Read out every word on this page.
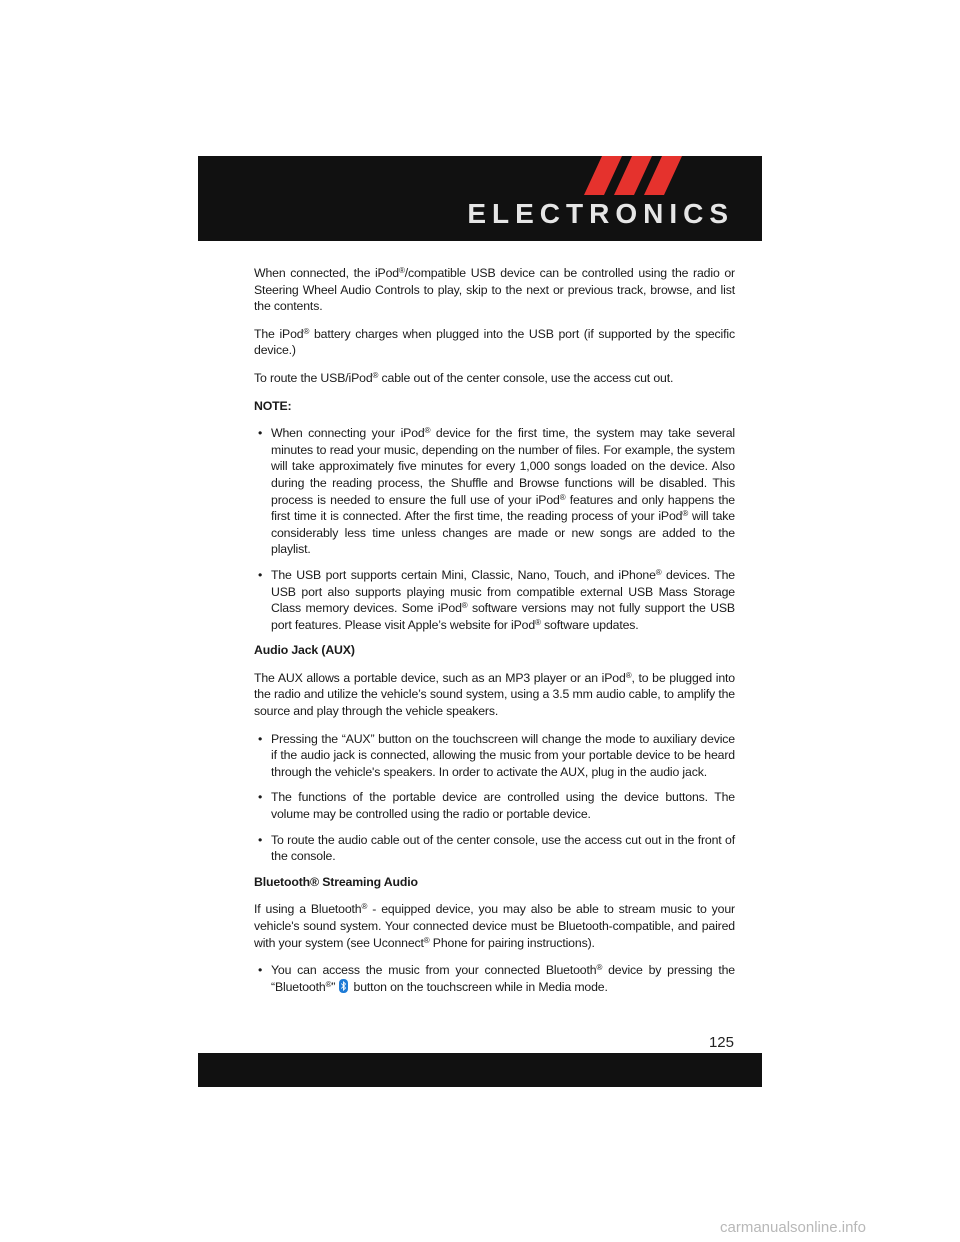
ELECTRONICS

When connected, the iPod®/compatible USB device can be controlled using the radio or Steering Wheel Audio Controls to play, skip to the next or previous track, browse, and list the contents.

The iPod® battery charges when plugged into the USB port (if supported by the specific device.)

To route the USB/iPod® cable out of the center console, use the access cut out.

NOTE:

• When connecting your iPod® device for the first time, the system may take several minutes to read your music, depending on the number of files. For example, the system will take approximately five minutes for every 1,000 songs loaded on the device. Also during the reading process, the Shuffle and Browse functions will be disabled. This process is needed to ensure the full use of your iPod® features and only happens the first time it is connected. After the first time, the reading process of your iPod® will take considerably less time unless changes are made or new songs are added to the playlist.
• The USB port supports certain Mini, Classic, Nano, Touch, and iPhone® devices. The USB port also supports playing music from compatible external USB Mass Storage Class memory devices. Some iPod® software versions may not fully support the USB port features. Please visit Apple’s website for iPod® software updates.

Audio Jack (AUX)

The AUX allows a portable device, such as an MP3 player or an iPod®, to be plugged into the radio and utilize the vehicle’s sound system, using a 3.5 mm audio cable, to amplify the source and play through the vehicle speakers.

• Pressing the “AUX” button on the touchscreen will change the mode to auxiliary device if the audio jack is connected, allowing the music from your portable device to be heard through the vehicle's speakers. In order to activate the AUX, plug in the audio jack.
• The functions of the portable device are controlled using the device buttons. The volume may be controlled using the radio or portable device.
• To route the audio cable out of the center console, use the access cut out in the front of the console.

Bluetooth® Streaming Audio

If using a Bluetooth® - equipped device, you may also be able to stream music to your vehicle's sound system. Your connected device must be Bluetooth-compatible, and paired with your system (see Uconnect® Phone for pairing instructions).

• You can access the music from your connected Bluetooth® device by pressing the “Bluetooth®” button on the touchscreen while in Media mode.
125
carmanualsonline.info
